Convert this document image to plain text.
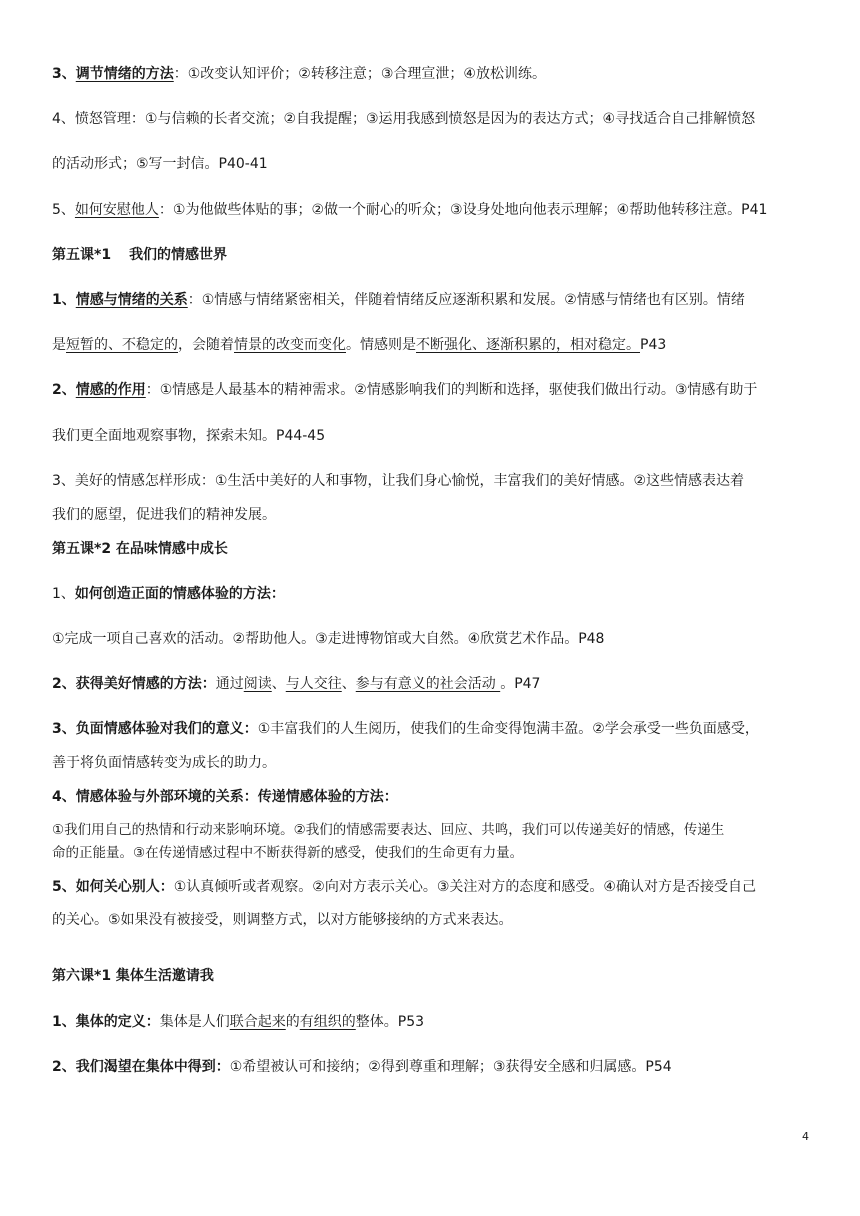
3、调节情绪的方法：①改变认知评价；②转移注意；③合理宣泄；④放松训练。

4、愤怒管理：①与信赖的长者交流；②自我提醒；③运用我感到愤怒是因为的表达方式；④寻找适合自己排解愤怒

的活动形式；⑤写一封信。P40-41

5、如何安慰他人：①为他做些体贴的事；②做一个耐心的听众；③设身处地向他表示理解；④帮助他转移注意。P41

第五课*1 我们的情感世界

1、情感与情绪的关系：①情感与情绪紧密相关，伴随着情绪反应逐渐积累和发展。②情感与情绪也有区别。情绪

是短暂的、不稳定的，会随着情景的改变而变化。情感则是不断强化、逐渐积累的，相对稳定。P43

2、情感的作用：①情感是人最基本的精神需求。②情感影响我们的判断和选择，驱使我们做出行动。③情感有助于

我们更全面地观察事物，探索未知。P44-45

3、美好的情感怎样形成：①生活中美好的人和事物，让我们身心愉悦，丰富我们的美好情感。②这些情感表达着

我们的愿望，促进我们的精神发展。

第五课*2 在品味情感中成长

1、如何创造正面的情感体验的方法：

①完成一项自己喜欢的活动。②帮助他人。③走进博物馆或大自然。④欣赏艺术作品。P48

2、获得美好情感的方法：通过阅读、与人交往、参与有意义的社会活动 。P47

3、负面情感体验对我们的意义：①丰富我们的人生阅历，使我们的生命变得饱满丰盈。②学会承受一些负面感受，

善于将负面情感转变为成长的助力。

4、情感体验与外部环境的关系：传递情感体验的方法：

①我们用自己的热情和行动来影响环境。②我们的情感需要表达、回应、共鸣，我们可以传递美好的情感，传递生

命的正能量。③在传递情感过程中不断获得新的感受，使我们的生命更有力量。

5、如何关心别人：①认真倾听或者观察。②向对方表示关心。③关注对方的态度和感受。④确认对方是否接受自己

的关心。⑤如果没有被接受，则调整方式，以对方能够接纳的方式来表达。

第六课*1 集体生活邀请我

1、集体的定义：集体是人们联合起来的有组织的整体。P53

2、我们渴望在集体中得到：①希望被认可和接纳；②得到尊重和理解；③获得安全感和归属感。P54

4
